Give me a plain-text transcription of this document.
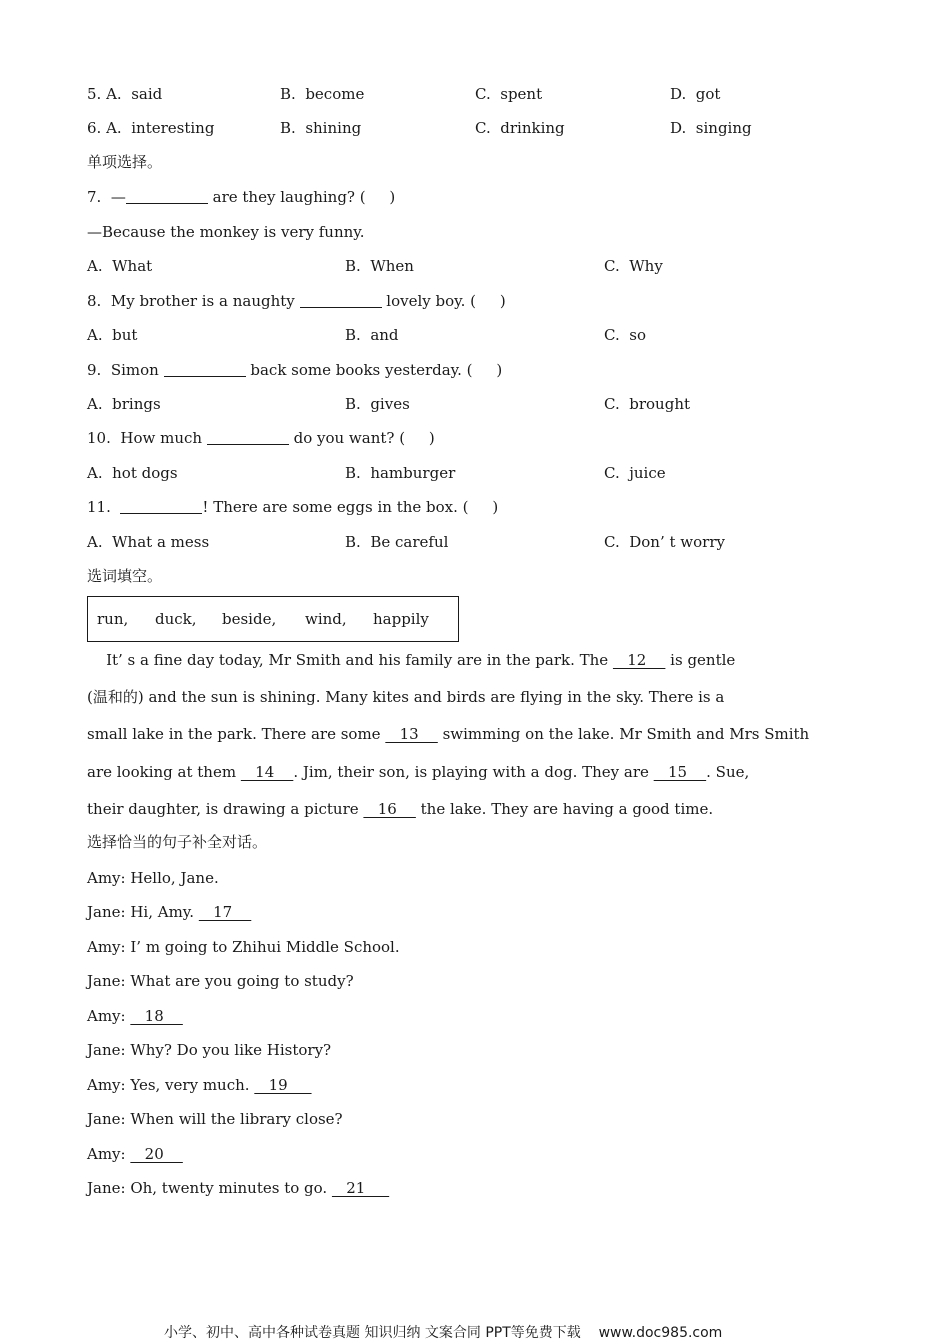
5. A.  said	B.  become	C.  spent	D.  got
6. A.  interesting	B.  shining	C.  drinking	D.  singing
单项选择。
7.  —	are they laughing? (     )
—Because the monkey is very funny.
A.  What	B.  When	C.  Why
8.  My brother is a naughty	lovely boy. (     )
A.  but	B.  and	C.  so
9.  Simon	back some books yesterday. (     )
A.  brings	B.  gives	C.  brought
10.  How much	do you want? (     )
A.  hot dogs	B.  hamburger	C.  juice
11.	! There are some eggs in the box. (     )
A.  What a mess	B.  Be careful	C.  Don’ t worry
选词填空。
run, duck, beside, wind, happily
It’ s a fine day today, Mr Smith and his family are in the park. The    12     is gentle
(温和的) and the sun is shining. Many kites and birds are flying in the sky. There is a
small lake in the park. There are some    13     swimming on the lake. Mr Smith and Mrs Smith
are looking at them    14    . Jim, their son, is playing with a dog. They are    15    . Sue,
their daughter, is drawing a picture    16     the lake. They are having a good time.
选择恰当的句子补全对话。
Amy: Hello, Jane.
Jane: Hi, Amy.    17
Amy: I’ m going to Zhihui Middle School.
Jane: What are you going to study?
Amy:    18
Jane: Why? Do you like History?
Amy: Yes, very much.    19
Jane: When will the library close?
Amy:    20
Jane: Oh, twenty minutes to go.    21
小学、初中、高中各种试卷真题 知识归纳 文案合同 PPT等免费下载    www.doc985.com
